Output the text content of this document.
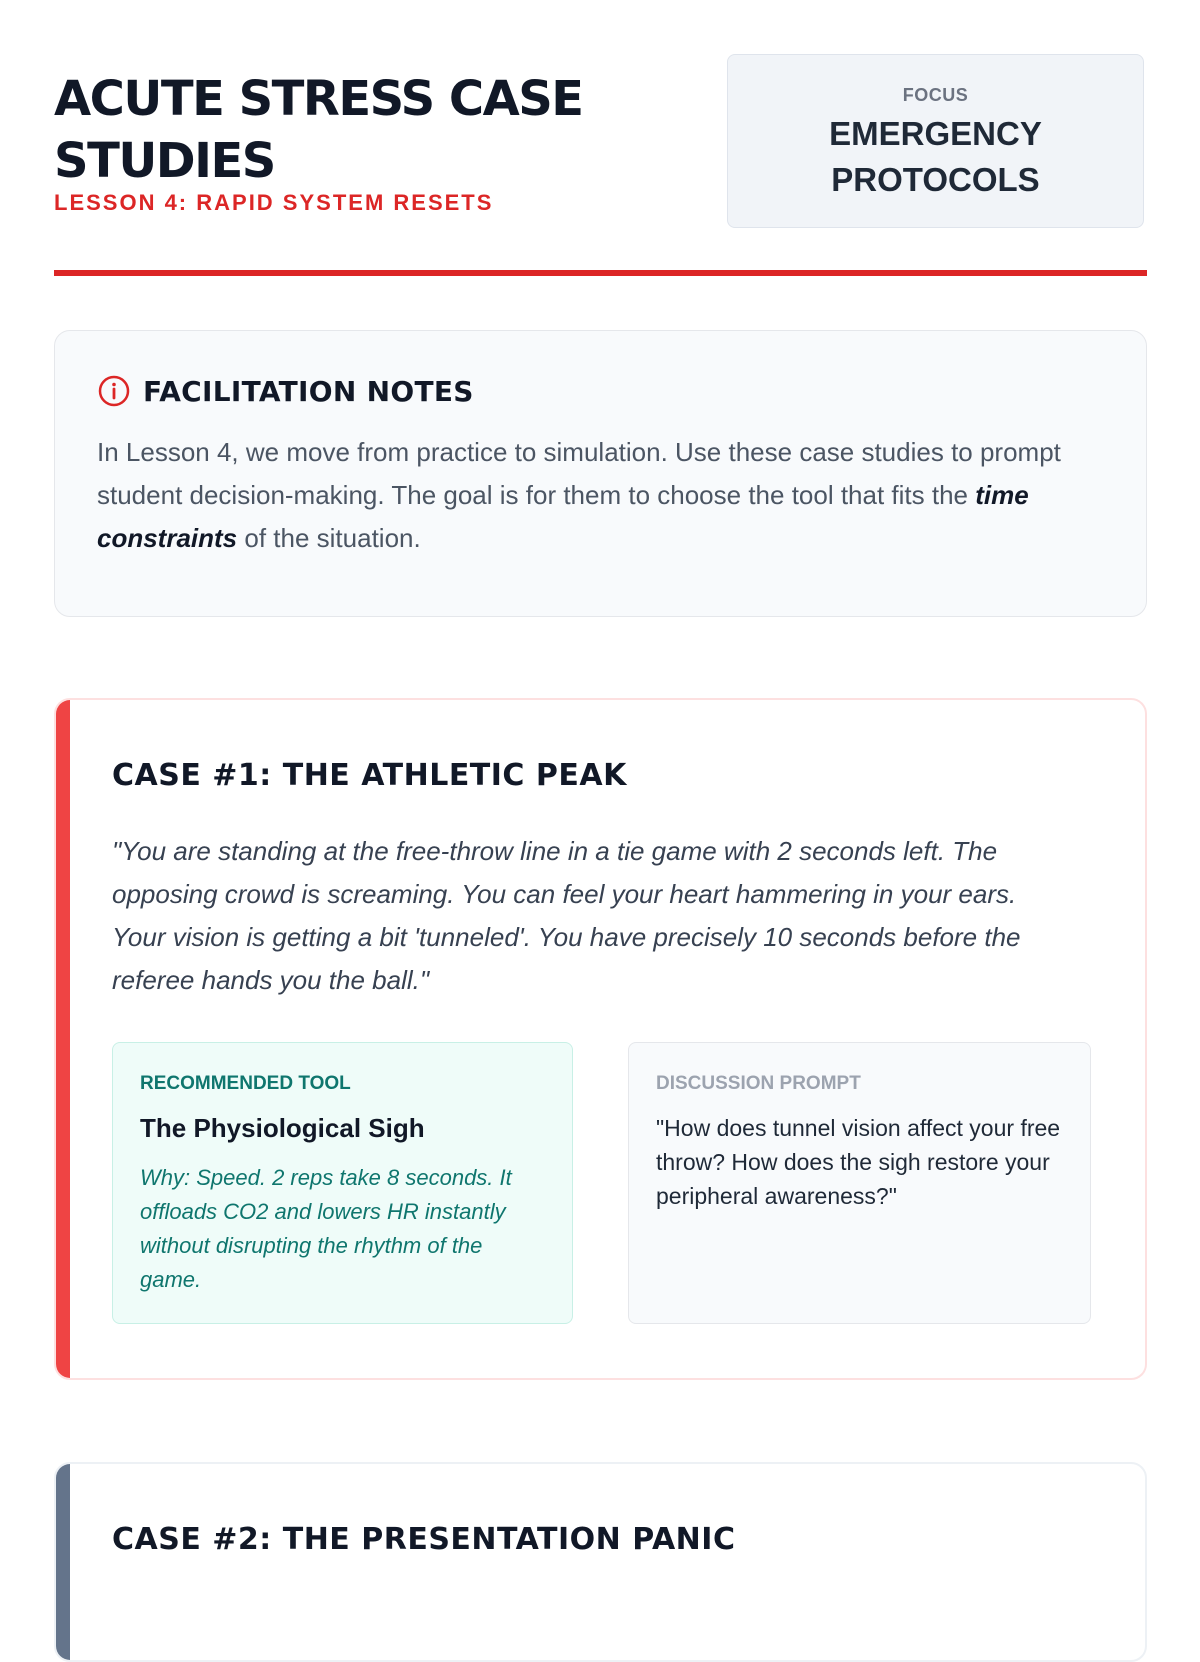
ACUTE STRESS CASE STUDIES
LESSON 4: RAPID SYSTEM RESETS
FOCUS
EMERGENCY PROTOCOLS
FACILITATION NOTES
In Lesson 4, we move from practice to simulation. Use these case studies to prompt student decision-making. The goal is for them to choose the tool that fits the time constraints of the situation.
CASE #1: THE ATHLETIC PEAK
"You are standing at the free-throw line in a tie game with 2 seconds left. The opposing crowd is screaming. You can feel your heart hammering in your ears. Your vision is getting a bit 'tunneled'. You have precisely 10 seconds before the referee hands you the ball."
RECOMMENDED TOOL
The Physiological Sigh
Why: Speed. 2 reps take 8 seconds. It offloads CO2 and lowers HR instantly without disrupting the rhythm of the game.
DISCUSSION PROMPT
"How does tunnel vision affect your free throw? How does the sigh restore your peripheral awareness?"
CASE #2: THE PRESENTATION PANIC
